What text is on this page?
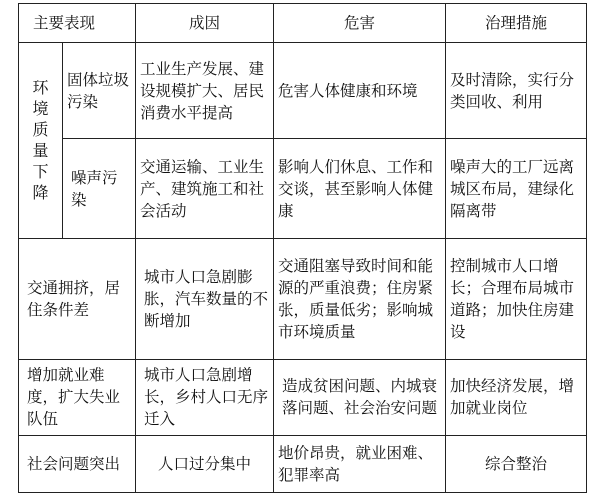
主要表现		成因	危害	治理措施
环境质量下降	固体垃圾污染	工业生产发展、建设规模扩大、居民消费水平提高	危害人体健康和环境	及时清除，实行分类回收、利用
	噪声污染	交通运输、工业生产、建筑施工和社会活动	影响人们休息、工作和交谈，甚至影响人体健康	噪声大的工厂远离城区布局，建绿化隔离带
交通拥挤，居住条件差		城市人口急剧膨胀，汽车数量的不断增加	交通阻塞导致时间和能源的严重浪费；住房紧张，质量低劣；影响城市环境质量	控制城市人口增长；合理布局城市道路；加快住房建设
增加就业难度，扩大失业队伍		城市人口急剧增长，乡村人口无序迁入	造成贫困问题、内城衰落问题、社会治安问题	加快经济发展，增加就业岗位
社会问题突出		人口过分集中	地价昂贵，就业困难、犯罪率高	综合整治
